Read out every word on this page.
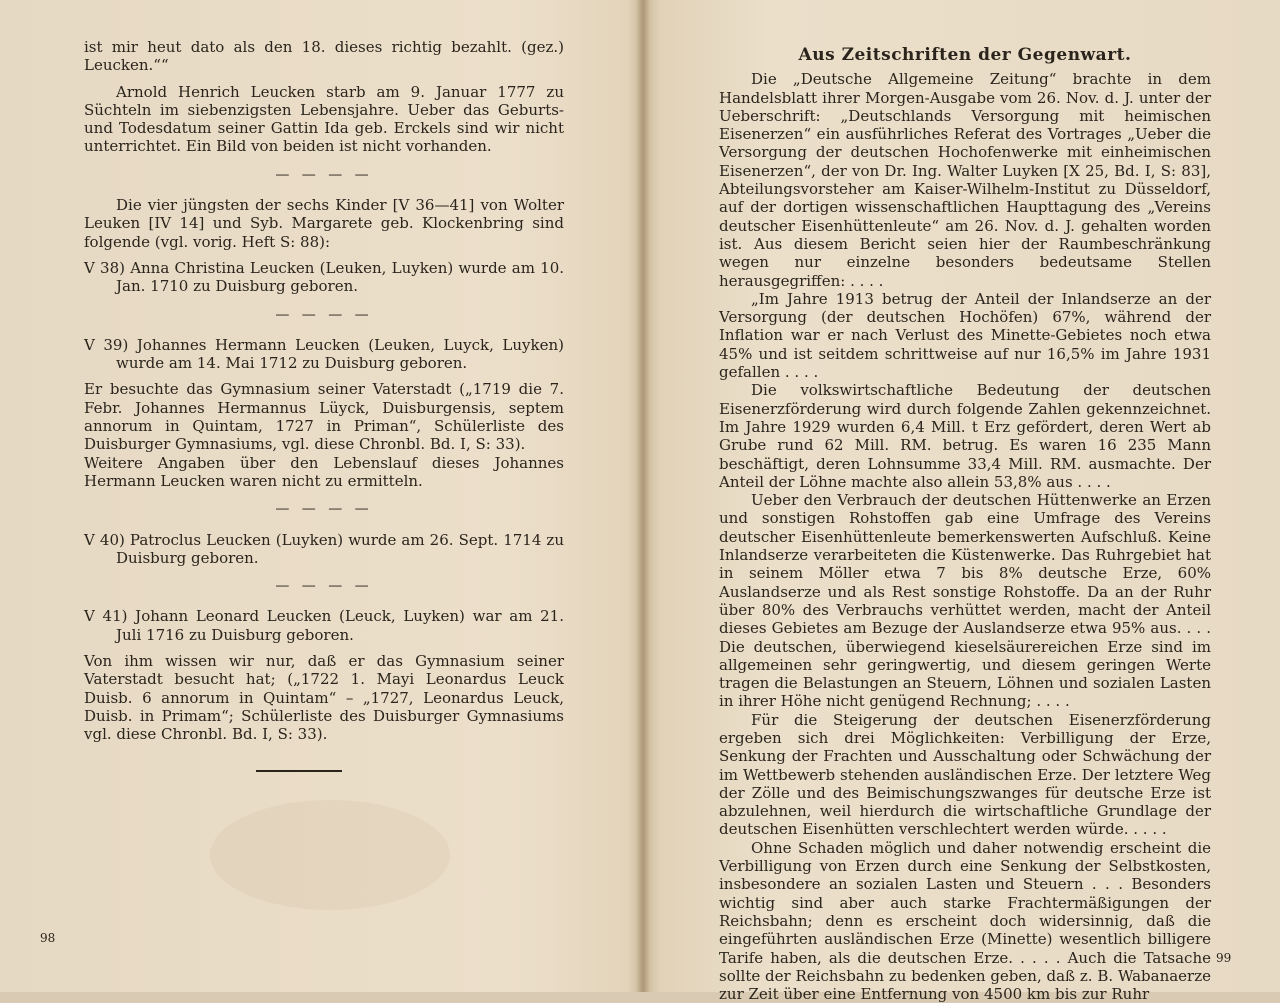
ist mir heut dato als den 18. dieses richtig bezahlt. (gez.) Leucken.““

Arnold Henrich Leucken starb am 9. Januar 1777 zu Süchteln im siebenzigsten Lebensjahre. Ueber das Geburts- und Todesdatum seiner Gattin Ida geb. Erckels sind wir nicht unterrichtet. Ein Bild von beiden ist nicht vorhanden.

— — — —

Die vier jüngsten der sechs Kinder [V 36—41] von Wolter Leuken [IV 14] und Syb. Margarete geb. Klockenbring sind folgende (vgl. vorig. Heft S: 88):

V 38) Anna Christina Leucken (Leuken, Luyken) wurde am 10. Jan. 1710 zu Duisburg geboren.

— — — —

V 39) Johannes Hermann Leucken (Leuken, Luyck, Luyken) wurde am 14. Mai 1712 zu Duisburg geboren.

Er besuchte das Gymnasium seiner Vaterstadt („1719 die 7. Febr. Johannes Hermannus Lüyck, Duisburgensis, septem annorum in Quintam, 1727 in Priman“, Schülerliste des Duisburger Gymnasiums, vgl. diese Chronbl. Bd. I, S: 33).

Weitere Angaben über den Lebenslauf dieses Johannes Hermann Leucken waren nicht zu ermitteln.

— — — —

V 40) Patroclus Leucken (Luyken) wurde am 26. Sept. 1714 zu Duisburg geboren.

— — — —

V 41) Johann Leonard Leucken (Leuck, Luyken) war am 21. Juli 1716 zu Duisburg geboren.

Von ihm wissen wir nur, daß er das Gymnasium seiner Vaterstadt besucht hat; („1722 1. Mayi Leonardus Leuck Duisb. 6 annorum in Quintam“ – „1727, Leonardus Leuck, Duisb. in Primam“; Schülerliste des Duisburger Gymnasiums vgl. diese Chronbl. Bd. I, S: 33).

98
Aus Zeitschriften der Gegenwart.

Die „Deutsche Allgemeine Zeitung“ brachte in dem Handelsblatt ihrer Morgen-Ausgabe vom 26. Nov. d. J. unter der Ueberschrift: „Deutschlands Versorgung mit heimischen Eisenerzen“ ein ausführliches Referat des Vortrages „Ueber die Versorgung der deutschen Hochofenwerke mit einheimischen Eisenerzen“, der von Dr. Ing. Walter Luyken [X 25, Bd. I, S: 83], Abteilungsvorsteher am Kaiser-Wilhelm-Institut zu Düsseldorf, auf der dortigen wissenschaftlichen Haupttagung des „Vereins deutscher Eisenhüttenleute“ am 26. Nov. d. J. gehalten worden ist. Aus diesem Bericht seien hier der Raumbeschränkung wegen nur einzelne besonders bedeutsame Stellen herausgegriffen: . . . .

„Im Jahre 1913 betrug der Anteil der Inlandserze an der Versorgung (der deutschen Hochöfen) 67%, während der Inflation war er nach Verlust des Minette-Gebietes noch etwa 45% und ist seitdem schrittweise auf nur 16,5% im Jahre 1931 gefallen . . . .

Die volkswirtschaftliche Bedeutung der deutschen Eisenerzförderung wird durch folgende Zahlen gekennzeichnet. Im Jahre 1929 wurden 6,4 Mill. t Erz gefördert, deren Wert ab Grube rund 62 Mill. RM. betrug. Es waren 16 235 Mann beschäftigt, deren Lohnsumme 33,4 Mill. RM. ausmachte. Der Anteil der Löhne machte also allein 53,8% aus . . . .

Ueber den Verbrauch der deutschen Hüttenwerke an Erzen und sonstigen Rohstoffen gab eine Umfrage des Vereins deutscher Eisenhüttenleute bemerkenswerten Aufschluß. Keine Inlandserze verarbeiteten die Küstenwerke. Das Ruhrgebiet hat in seinem Möller etwa 7 bis 8% deutsche Erze, 60% Auslandserze und als Rest sonstige Rohstoffe. Da an der Ruhr über 80% des Verbrauchs verhüttet werden, macht der Anteil dieses Gebietes am Bezuge der Auslandserze etwa 95% aus. . . . Die deutschen, überwiegend kieselsäurereichen Erze sind im allgemeinen sehr geringwertig, und diesem geringen Werte tragen die Belastungen an Steuern, Löhnen und sozialen Lasten in ihrer Höhe nicht genügend Rechnung; . . . .

Für die Steigerung der deutschen Eisenerzförderung ergeben sich drei Möglichkeiten: Verbilligung der Erze, Senkung der Frachten und Ausschaltung oder Schwächung der im Wettbewerb stehenden ausländischen Erze. Der letztere Weg der Zölle und des Beimischungszwanges für deutsche Erze ist abzulehnen, weil hierdurch die wirtschaftliche Grundlage der deutschen Eisenhütten verschlechtert werden würde. . . . .

Ohne Schaden möglich und daher notwendig erscheint die Verbilligung von Erzen durch eine Senkung der Selbstkosten, insbesondere an sozialen Lasten und Steuern . . . Besonders wichtig sind aber auch starke Frachtermäßigungen der Reichsbahn; denn es erscheint doch widersinnig, daß die eingeführten ausländischen Erze (Minette) wesentlich billigere Tarife haben, als die deutschen Erze. . . . . Auch die Tatsache sollte der Reichsbahn zu bedenken geben, daß z. B. Wabanaerze zur Zeit über eine Entfernung von 4500 km bis zur Ruhr

99
